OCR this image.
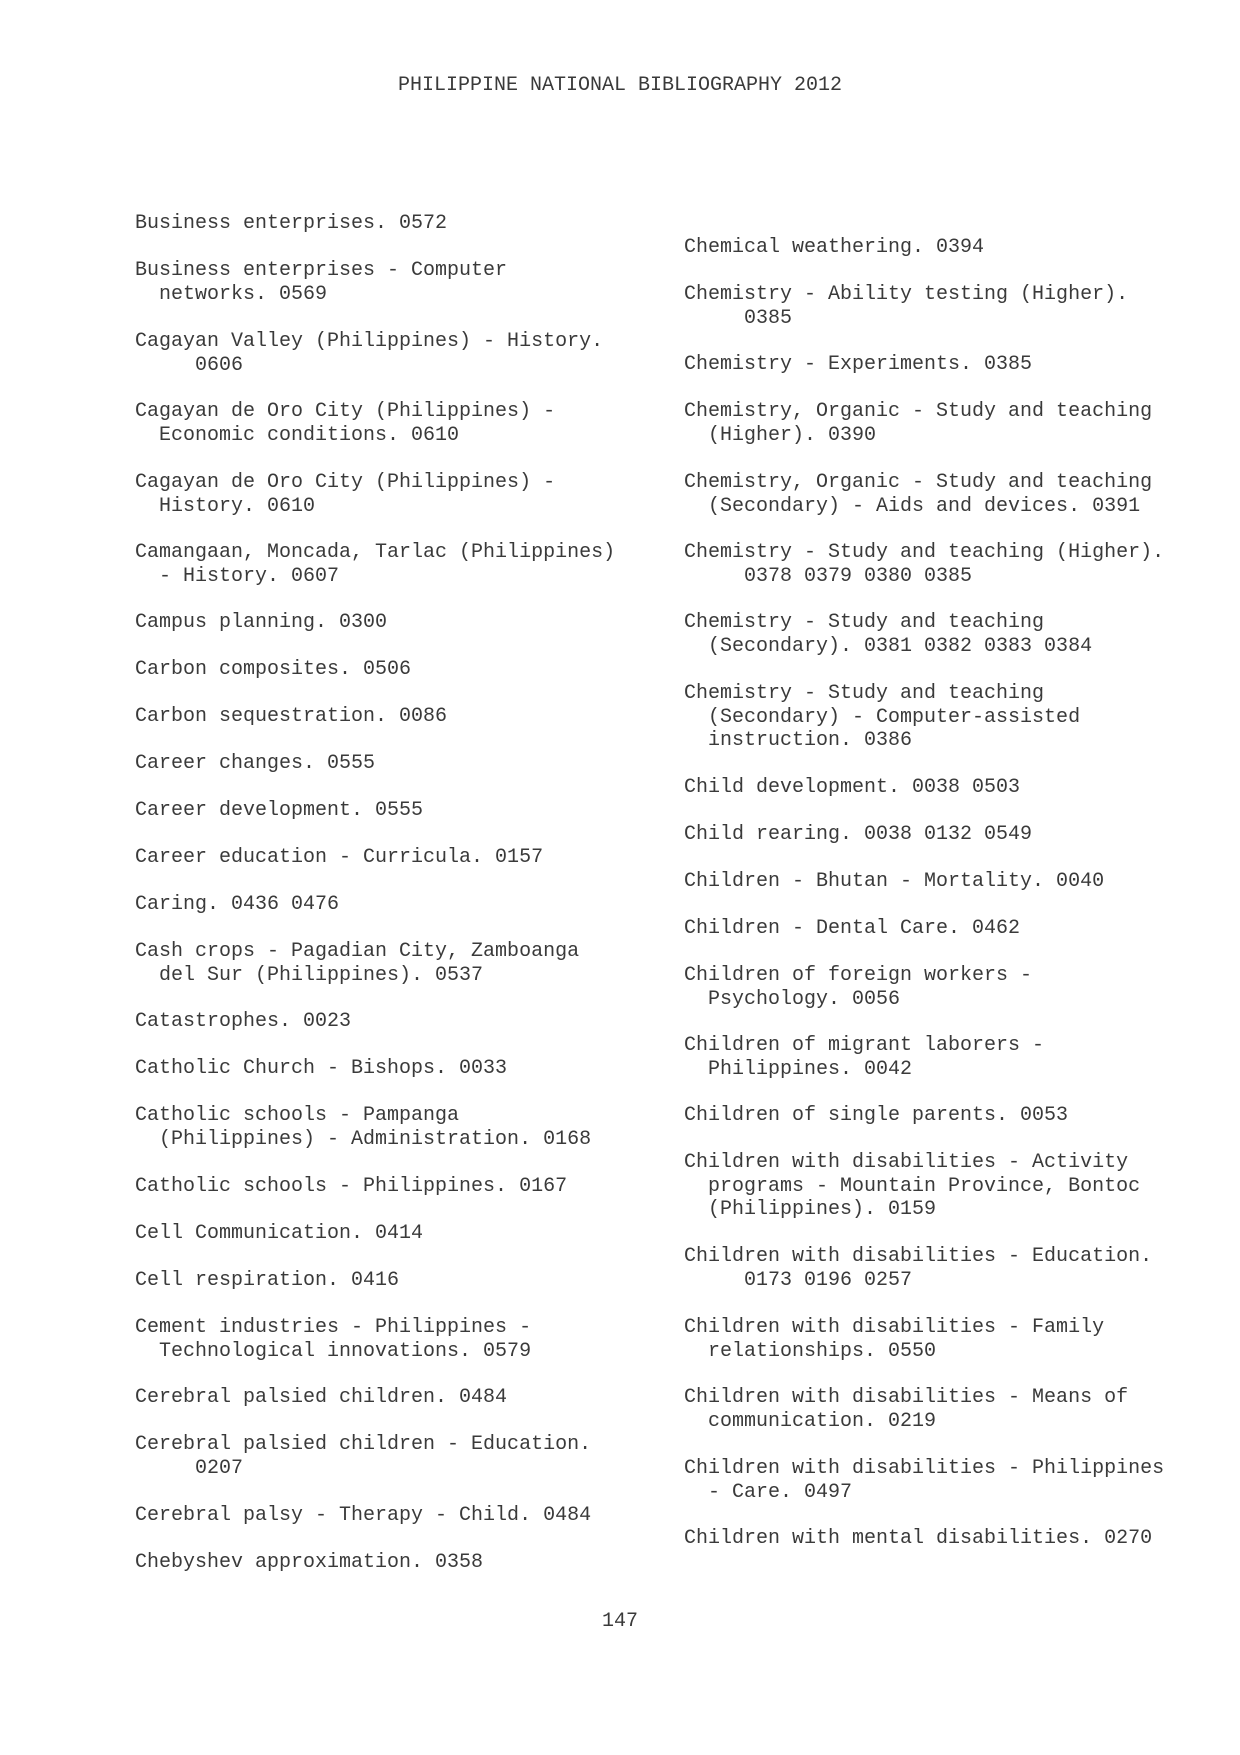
PHILIPPINE NATIONAL BIBLIOGRAPHY 2012

Business enterprises. 0572

Business enterprises - Computer
networks. 0569

Cagayan Valley (Philippines) - History.
0606

Cagayan de Oro City (Philippines) -
Economic conditions. 0610

Cagayan de Oro City (Philippines) -
History. 0610

Camangaan, Moncada, Tarlac (Philippines)
- History. 0607

Campus planning. 0300

Carbon composites. 0506

Carbon sequestration. 0086

Career changes. 0555

Career development. 0555

Career education - Curricula. 0157

Caring. 0436 0476

Cash crops - Pagadian City, Zamboanga
del Sur (Philippines). 0537

Catastrophes. 0023

Catholic Church - Bishops. 0033

Catholic schools - Pampanga
(Philippines) - Administration. 0168

Catholic schools - Philippines. 0167

Cell Communication. 0414

Cell respiration. 0416

Cement industries - Philippines -
Technological innovations. 0579

Cerebral palsied children. 0484

Cerebral palsied children - Education.
0207

Cerebral palsy - Therapy - Child. 0484

Chebyshev approximation. 0358

Chemical weathering. 0394

Chemistry - Ability testing (Higher).
0385

Chemistry - Experiments. 0385

Chemistry, Organic - Study and teaching
(Higher). 0390

Chemistry, Organic - Study and teaching
(Secondary) - Aids and devices. 0391

Chemistry - Study and teaching (Higher).
0378 0379 0380 0385

Chemistry - Study and teaching
(Secondary). 0381 0382 0383 0384

Chemistry - Study and teaching
(Secondary) - Computer-assisted
instruction. 0386

Child development. 0038 0503

Child rearing. 0038 0132 0549

Children - Bhutan - Mortality. 0040

Children - Dental Care. 0462

Children of foreign workers -
Psychology. 0056

Children of migrant laborers -
Philippines. 0042

Children of single parents. 0053

Children with disabilities - Activity
programs - Mountain Province, Bontoc
(Philippines). 0159

Children with disabilities - Education.
0173 0196 0257

Children with disabilities - Family
relationships. 0550

Children with disabilities - Means of
communication. 0219

Children with disabilities - Philippines
- Care. 0497

Children with mental disabilities. 0270

147
